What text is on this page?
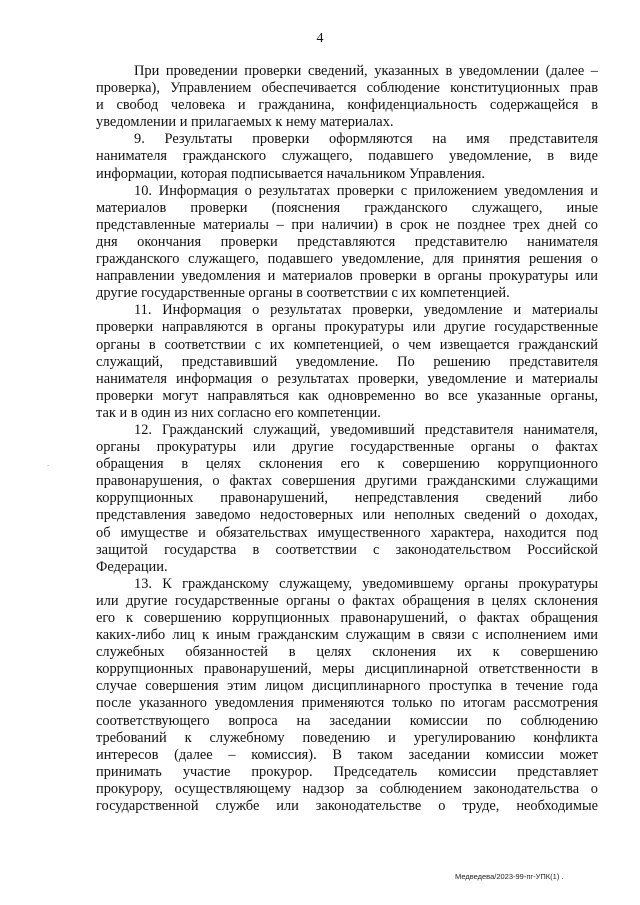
4
При проведении проверки сведений, указанных в уведомлении (далее –
проверка), Управлением обеспечивается соблюдение конституционных прав
и свобод человека и гражданина, конфиденциальность содержащейся в
уведомлении и прилагаемых к нему материалах.
9. Результаты проверки оформляются на имя представителя
нанимателя гражданского служащего, подавшего уведомление, в виде
информации, которая подписывается начальником Управления.
10. Информация о результатах проверки с приложением уведомления и
материалов проверки (пояснения гражданского служащего, иные
представленные материалы – при наличии) в срок не позднее трех дней со
дня окончания проверки представляются представителю нанимателя
гражданского служащего, подавшего уведомление, для принятия решения о
направлении уведомления и материалов проверки в органы прокуратуры или
другие государственные органы в соответствии с их компетенцией.
11. Информация о результатах проверки, уведомление и материалы
проверки направляются в органы прокуратуры или другие государственные
органы в соответствии с их компетенцией, о чем извещается гражданский
служащий, представивший уведомление. По решению представителя
нанимателя информация о результатах проверки, уведомление и материалы
проверки могут направляться как одновременно во все указанные органы,
так и в один из них согласно его компетенции.
12. Гражданский служащий, уведомивший представителя нанимателя,
органы прокуратуры или другие государственные органы о фактах
обращения в целях склонения его к совершению коррупционного
правонарушения, о фактах совершения другими гражданскими служащими
коррупционных правонарушений, непредставления сведений либо
представления заведомо недостоверных или неполных сведений о доходах,
об имуществе и обязательствах имущественного характера, находится под
защитой государства в соответствии с законодательством Российской
Федерации.
13. К гражданскому служащему, уведомившему органы прокуратуры
или другие государственные органы о фактах обращения в целях склонения
его к совершению коррупционных правонарушений, о фактах обращения
каких-либо лиц к иным гражданским служащим в связи с исполнением ими
служебных обязанностей в целях склонения их к совершению
коррупционных правонарушений, меры дисциплинарной ответственности в
случае совершения этим лицом дисциплинарного проступка в течение года
после указанного уведомления применяются только по итогам рассмотрения
соответствующего вопроса на заседании комиссии по соблюдению
требований к служебному поведению и урегулированию конфликта
интересов (далее – комиссия). В таком заседании комиссии может
принимать участие прокурор. Председатель комиссии представляет
прокурору, осуществляющему надзор за соблюдением законодательства о
государственной службе или законодательстве о труде, необходимые
.
Медведева/2023-99-пг-УПК(1) .
